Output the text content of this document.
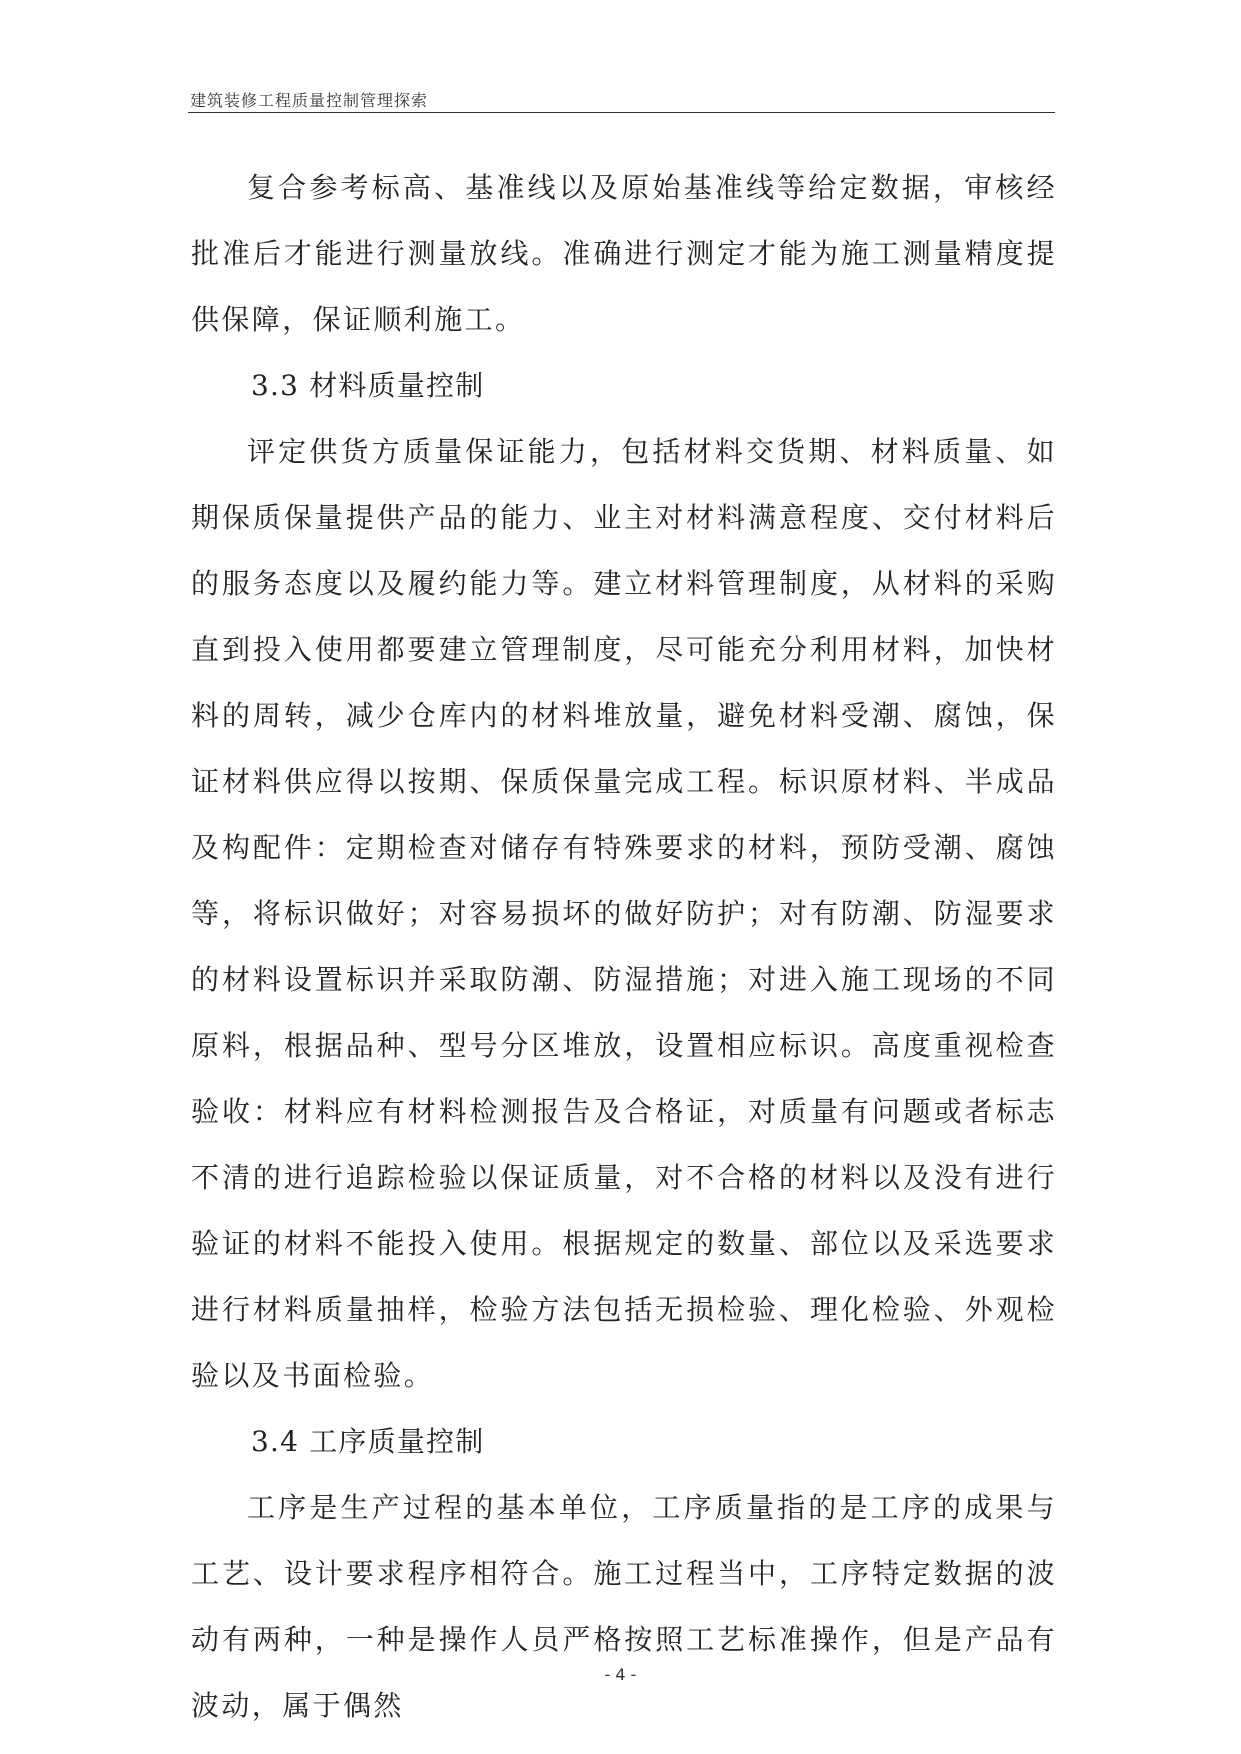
建筑装修工程质量控制管理探索

复合参考标高、基准线以及原始基准线等给定数据，审核经批准后才能进行测量放线。准确进行测定才能为施工测量精度提供保障，保证顺利施工。

3.3 材料质量控制

评定供货方质量保证能力，包括材料交货期、材料质量、如期保质保量提供产品的能力、业主对材料满意程度、交付材料后的服务态度以及履约能力等。建立材料管理制度，从材料的采购直到投入使用都要建立管理制度，尽可能充分利用材料，加快材料的周转，减少仓库内的材料堆放量，避免材料受潮、腐蚀，保证材料供应得以按期、保质保量完成工程。标识原材料、半成品及构配件：定期检查对储存有特殊要求的材料，预防受潮、腐蚀等，将标识做好；对容易损坏的做好防护；对有防潮、防湿要求的材料设置标识并采取防潮、防湿措施；对进入施工现场的不同原料，根据品种、型号分区堆放，设置相应标识。高度重视检查验收：材料应有材料检测报告及合格证，对质量有问题或者标志不清的进行追踪检验以保证质量，对不合格的材料以及没有进行验证的材料不能投入使用。根据规定的数量、部位以及采选要求进行材料质量抽样，检验方法包括无损检验、理化检验、外观检验以及书面检验。

3.4 工序质量控制

工序是生产过程的基本单位，工序质量指的是工序的成果与工艺、设计要求程序相符合。施工过程当中，工序特定数据的波动有两种，一种是操作人员严格按照工艺标准操作，但是产品有波动，属于偶然

- 4 -
